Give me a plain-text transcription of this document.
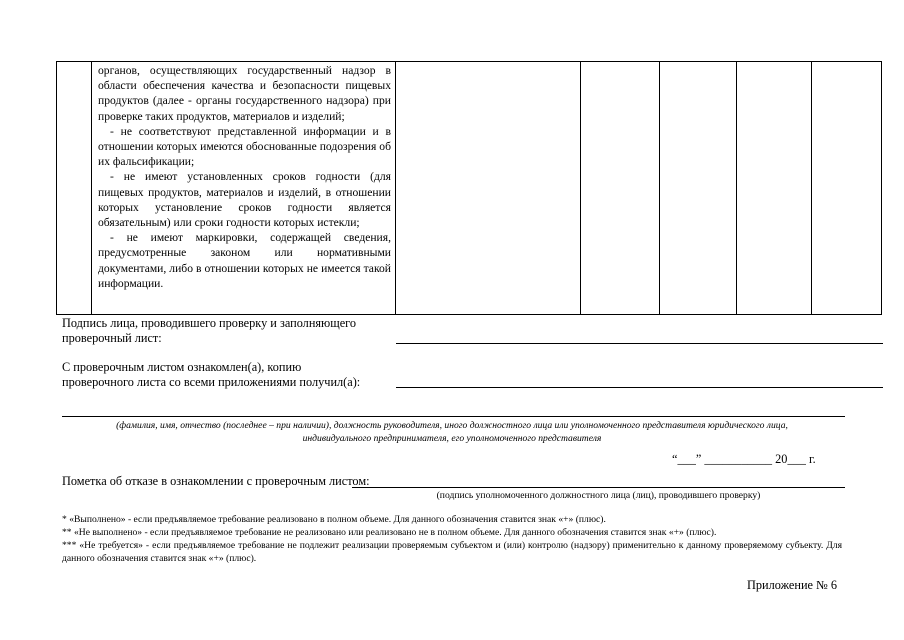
органов, осуществляющих государственный надзор в области обеспечения качества и безопасности пищевых продуктов (далее - органы государственного надзора) при проверке таких продуктов, материалов и изделий;

- не соответствуют представленной информации и в отношении которых имеются обоснованные подозрения об их фальсификации;

- не имеют установленных сроков годности (для пищевых продуктов, материалов и изделий, в отношении которых установление сроков годности является обязательным) или сроки годности которых истекли;

- не имеют маркировки, содержащей сведения, предусмотренные законом или нормативными документами, либо в отношении которых не имеется такой информации.

Подпись лица, проводившего проверку и заполняющего
проверочный лист:
С проверочным листом ознакомлен(а), копию
проверочного листа со всеми приложениями получил(а):
(фамилия, имя, отчество (последнее – при наличии), должность руководителя, иного должностного лица или уполномоченного представителя юридического лица,
индивидуального предпринимателя, его уполномоченного представителя
“___” ___________ 20___ г.
Пометка об отказе в ознакомлении с проверочным листом:
(подпись уполномоченного должностного лица (лиц), проводившего проверку)
* «Выполнено» - если предъявляемое требование реализовано в полном объеме. Для данного обозначения ставится знак «+» (плюс).
** «Не выполнено» - если предъявляемое требование не реализовано или реализовано не в полном объеме. Для данного обозначения ставится знак «+» (плюс).
*** «Не требуется» - если предъявляемое требование не подлежит реализации проверяемым субъектом и (или) контролю (надзору) применительно к данному проверяемому субъекту. Для данного обозначения ставится знак «+» (плюс).
Приложение № 6
